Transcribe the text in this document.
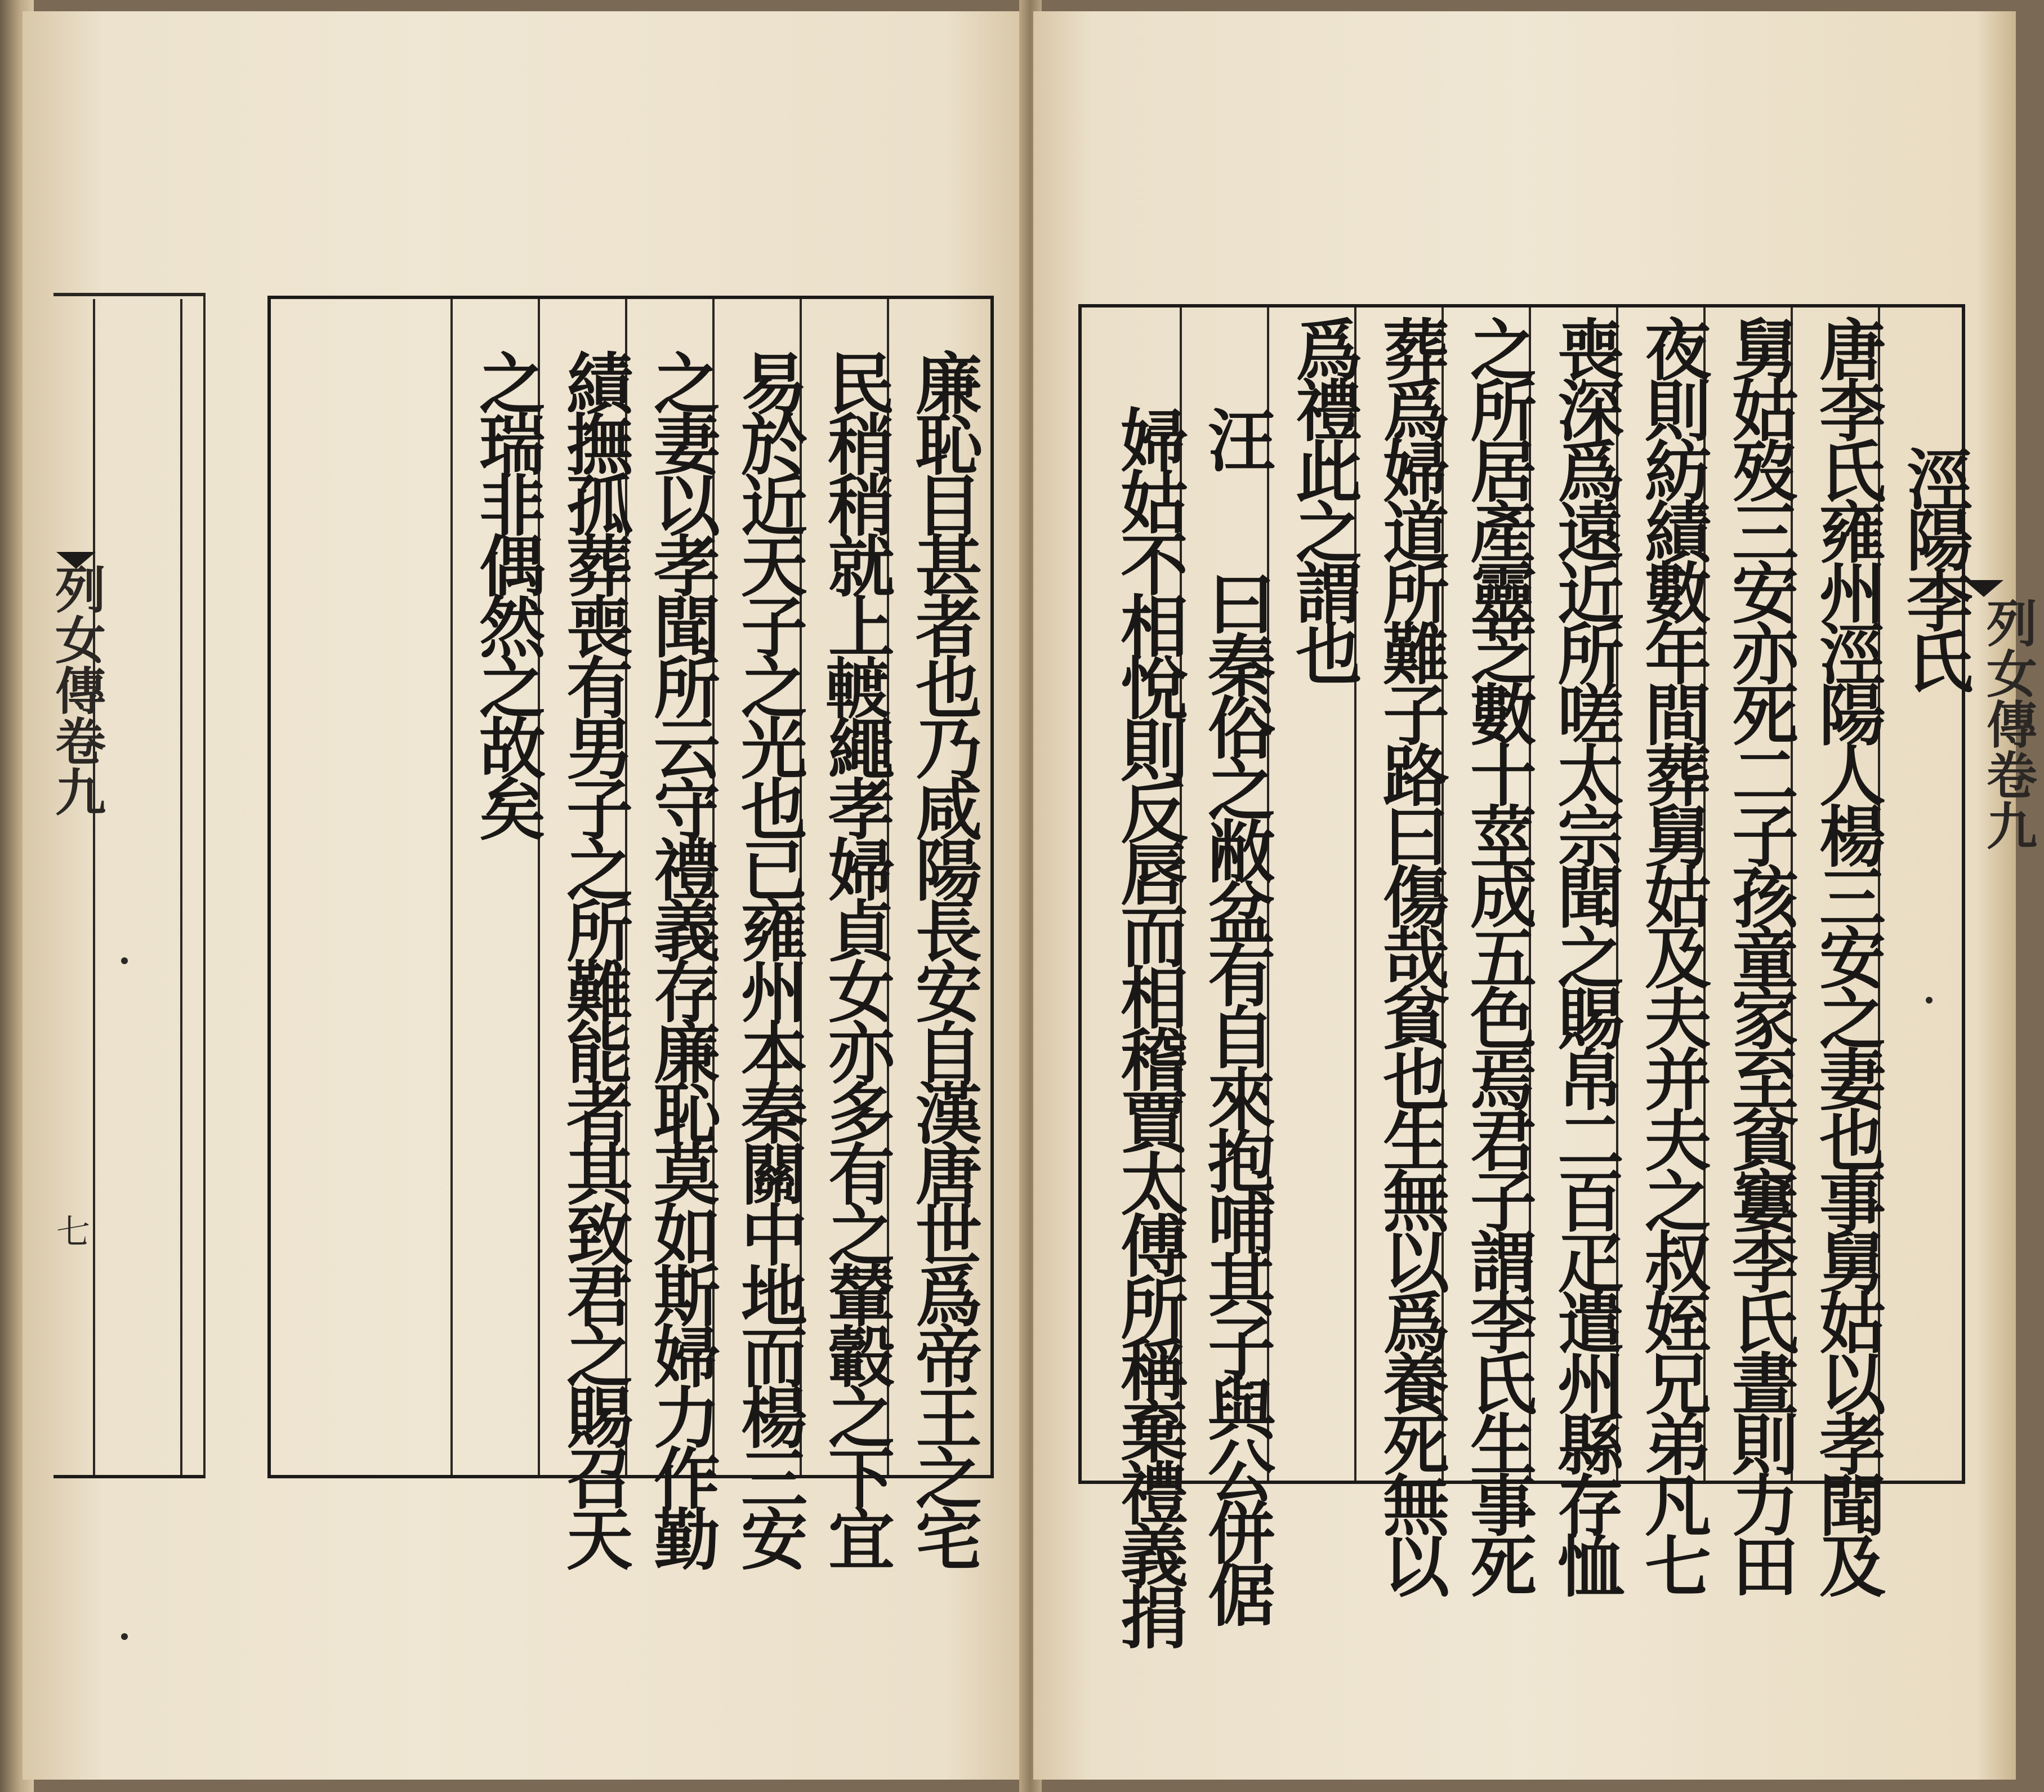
廉恥目甚者也乃咸陽長安自漢唐世爲帝王之宅
民稍稍就上𨍏繩孝婦貞女亦多有之輦轂之下宜
易於近天子之光也已雍州本秦關中地而楊三安
之妻以孝聞所云守禮義存廉恥莫如斯婦力作勤
績撫孤葬喪有男子之所難能者其致君之賜召天
之瑞非偶然之故矣
列女傳卷九
七
涇陽李氏
唐李氏雍州涇陽人楊三安之妻也事舅姑以孝聞及
舅姑歿三安亦死二子孩童家至貧窶李氏晝則力田
夜則紡績數年間葬舅姑及夫并夫之叔姪兄弟凡七
喪深爲遠近所嗟太宗聞之賜帛二百疋遣州縣存恤
之所居產靈芝數十莖成五色焉君子謂李氏生事死
葬爲婦道所難子路曰傷哉貧也生無以爲養死無以
爲禮此之謂也
汪
曰秦俗之敝盆有自來抱哺其子與公併倨
婦姑不相悅則反唇而相稽賈太傅所稱棄禮義捐	列女傳卷九
